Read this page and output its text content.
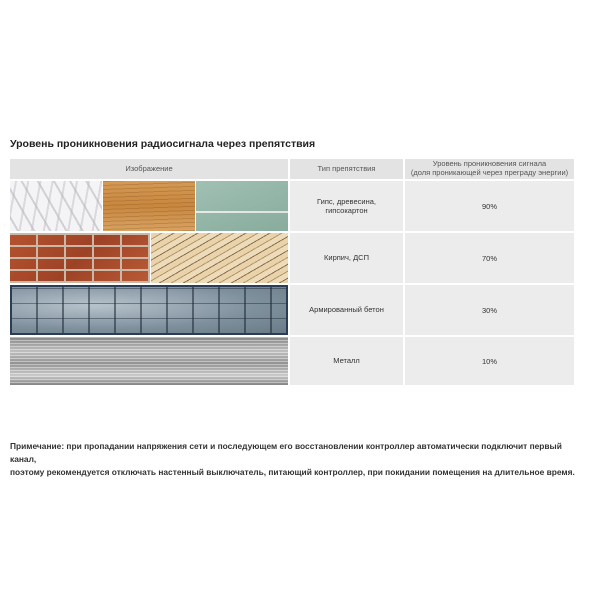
Уровень проникновения радиосигнала через препятствия
Изображение	Тип препятствия	Уровень проникновения сигнала
(доля проникающей через преграду энергии)
Гипс, древесина,
гипсокартон	90%
Кирпич, ДСП	70%
Армированный бетон	30%
Металл	10%
Примечание: при пропадании напряжения сети и последующем его восстановлении контроллер автоматически подключит первый канал,
поэтому рекомендуется отключать настенный выключатель, питающий контроллер, при покидании помещения на длительное время.
